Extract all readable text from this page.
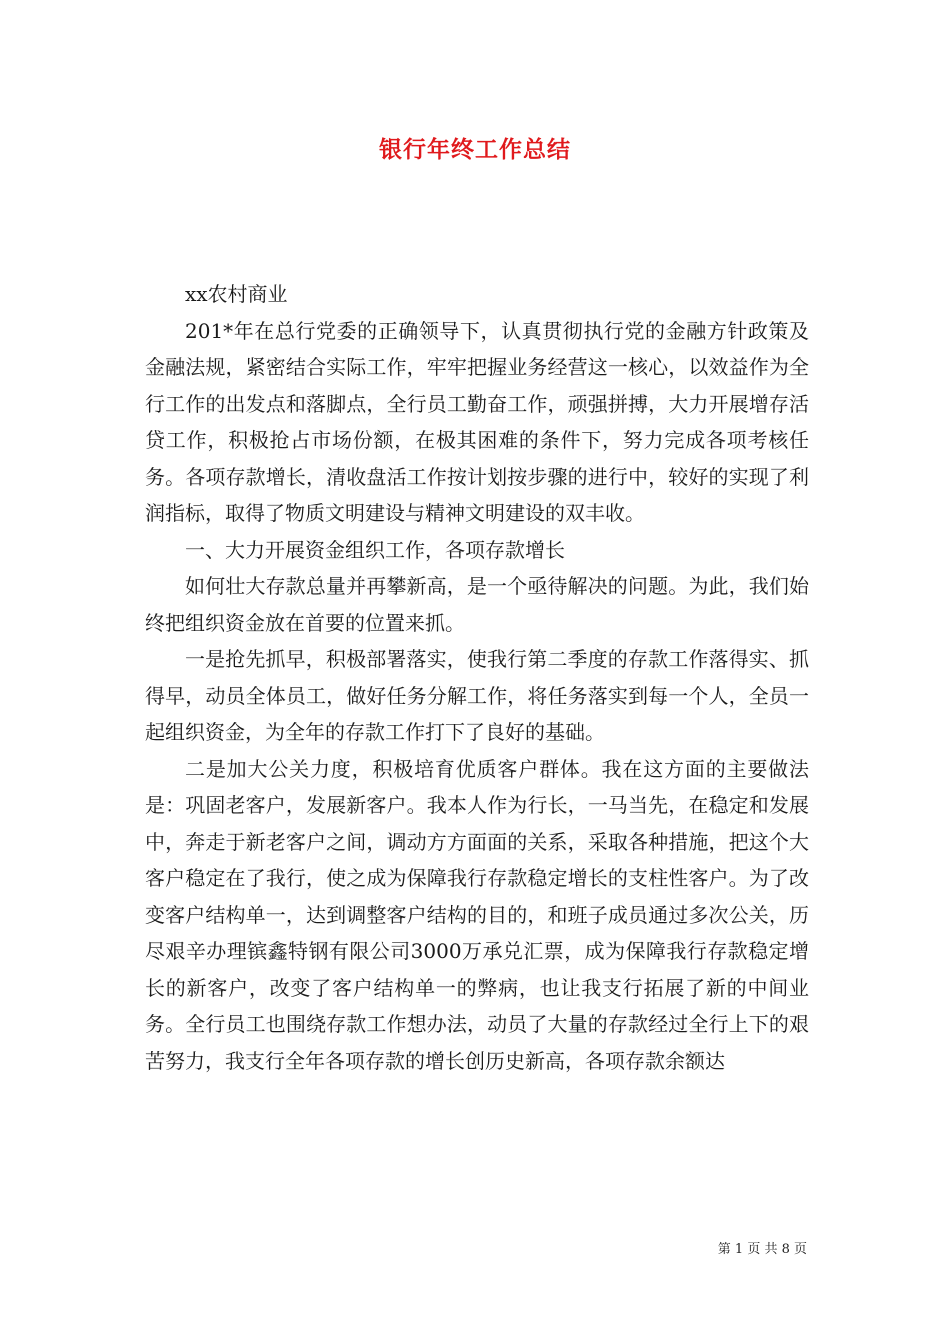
银行年终工作总结

xx农村商业

201*年在总行党委的正确领导下，认真贯彻执行党的金融方针政策及金融法规，紧密结合实际工作，牢牢把握业务经营这一核心，以效益作为全行工作的出发点和落脚点，全行员工勤奋工作，顽强拼搏，大力开展增存活贷工作，积极抢占市场份额，在极其困难的条件下，努力完成各项考核任务。各项存款增长，清收盘活工作按计划按步骤的进行中，较好的实现了利润指标，取得了物质文明建设与精神文明建设的双丰收。

一、大力开展资金组织工作，各项存款增长

如何壮大存款总量并再攀新高，是一个亟待解决的问题。为此，我们始终把组织资金放在首要的位置来抓。

一是抢先抓早，积极部署落实，使我行第二季度的存款工作落得实、抓得早，动员全体员工，做好任务分解工作，将任务落实到每一个人，全员一起组织资金，为全年的存款工作打下了良好的基础。

二是加大公关力度，积极培育优质客户群体。我在这方面的主要做法是：巩固老客户，发展新客户。我本人作为行长，一马当先，在稳定和发展中，奔走于新老客户之间，调动方方面面的关系，采取各种措施，把这个大客户稳定在了我行，使之成为保障我行存款稳定增长的支柱性客户。为了改变客户结构单一，达到调整客户结构的目的，和班子成员通过多次公关，历尽艰辛办理镔鑫特钢有限公司3000万承兑汇票，成为保障我行存款稳定增长的新客户，改变了客户结构单一的弊病，也让我支行拓展了新的中间业务。全行员工也围绕存款工作想办法，动员了大量的存款经过全行上下的艰苦努力，我支行全年各项存款的增长创历史新高，各项存款余额达

第 1 页 共 8 页
